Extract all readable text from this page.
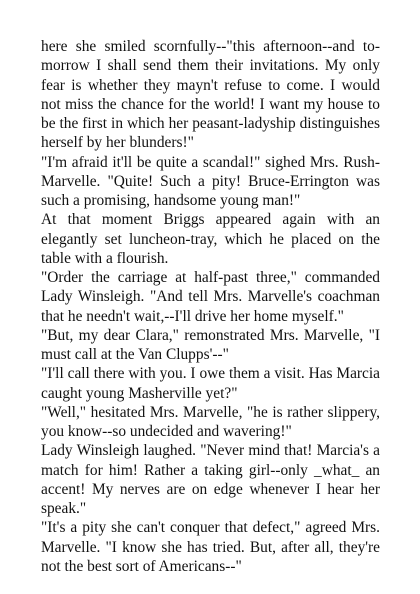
here she smiled scornfully--"this afternoon--and to-morrow I shall send them their invitations. My only fear is whether they mayn't refuse to come. I would not miss the chance for the world! I want my house to be the first in which her peasant-ladyship distinguishes herself by her blunders!"

"I'm afraid it'll be quite a scandal!" sighed Mrs. Rush-Marvelle. "Quite! Such a pity! Bruce-Errington was such a promising, handsome young man!"

At that moment Briggs appeared again with an elegantly set luncheon-tray, which he placed on the table with a flourish.

"Order the carriage at half-past three," commanded Lady Winsleigh. "And tell Mrs. Marvelle's coachman that he needn't wait,--I'll drive her home myself."

"But, my dear Clara," remonstrated Mrs. Marvelle, "I must call at the Van Clupps'--"

"I'll call there with you. I owe them a visit. Has Marcia caught young Masherville yet?"

"Well," hesitated Mrs. Marvelle, "he is rather slippery, you know--so undecided and wavering!"

Lady Winsleigh laughed. "Never mind that! Marcia's a match for him! Rather a taking girl--only _what_ an accent! My nerves are on edge whenever I hear her speak."

"It's a pity she can't conquer that defect," agreed Mrs. Marvelle. "I know she has tried. But, after all, they're not the best sort of Americans--"
